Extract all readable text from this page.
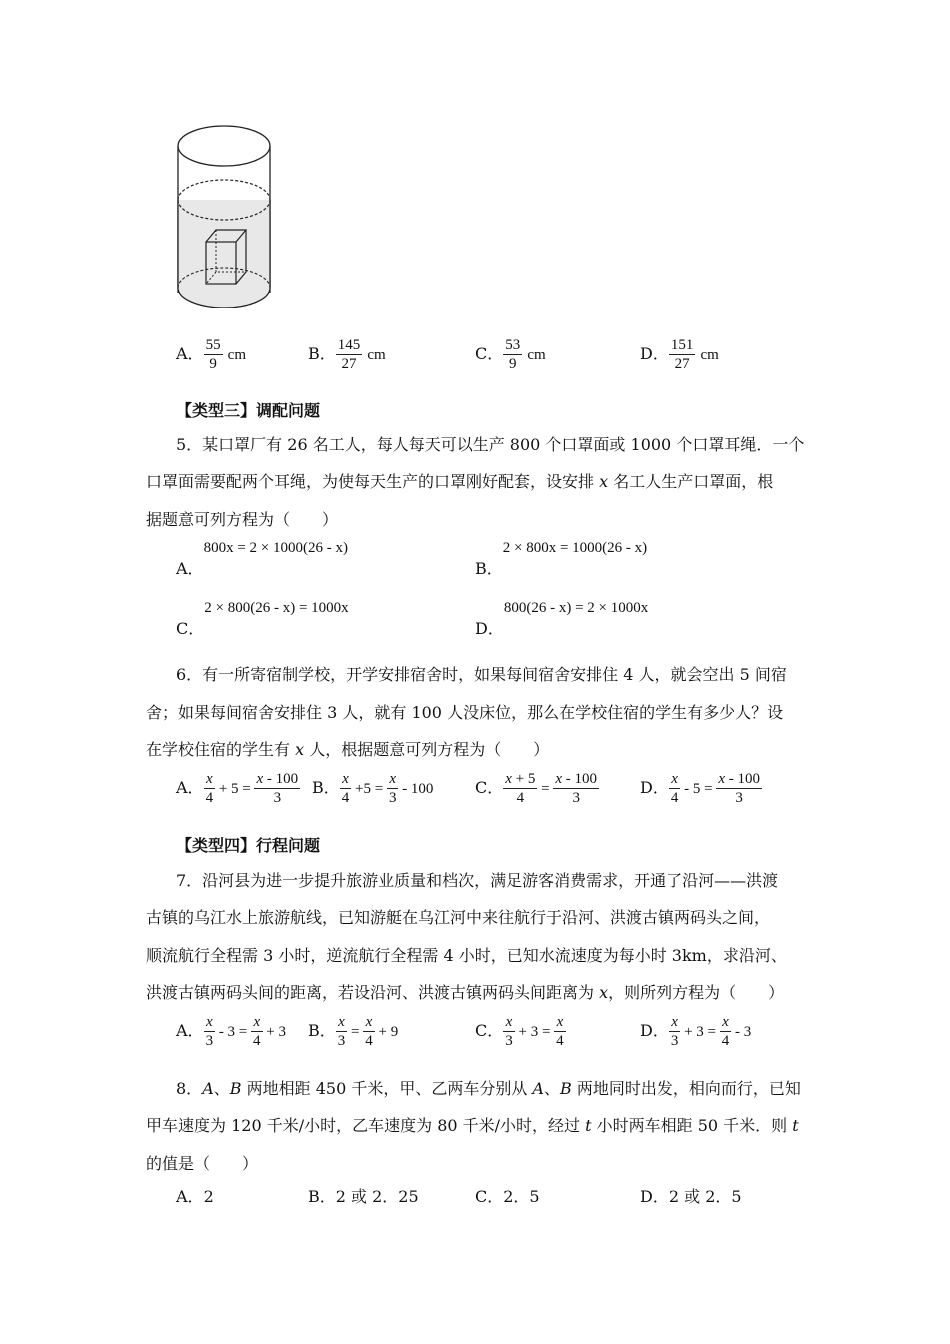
A． $\frac{55}{9}$ cm	B． $\frac{145}{27}$ cm	C． $\frac{53}{9}$ cm	D． $\frac{151}{27}$ cm
【类型三】调配问题
5．某口罩厂有 26 名工人，每人每天可以生产 800 个口罩面或 1000 个口罩耳绳．一个
口罩面需要配两个耳绳，为使每天生产的口罩刚好配套，设安排 x 名工人生产口罩面，根
据题意可列方程为（　　）
A．800x = 2 × 1000(26 - x)
B．2 × 800x = 1000(26 - x)
C．2 × 800(26 - x) = 1000x
D．800(26 - x) = 2 × 1000x
6．有一所寄宿制学校，开学安排宿舍时，如果每间宿舍安排住 4 人，就会空出 5 间宿
舍；如果每间宿舍安排住 3 人，就有 100 人没床位，那么在学校住宿的学生有多少人？设
在学校住宿的学生有 x 人，根据题意可列方程为（　　）
A． $\frac{x}{4} + 5 = \frac{x - 100}{3}$ B． $\frac{x}{4} +5 = \frac{x}{3} - 100$	C． $\frac{x + 5}{4} = \frac{x - 100}{3}$	D． $\frac{x}{4} - 5 = \frac{x - 100}{3}$
【类型四】行程问题
7．沿河县为进一步提升旅游业质量和档次，满足游客消费需求，开通了沿河——洪渡
古镇的乌江水上旅游航线，已知游艇在乌江河中来往航行于沿河、洪渡古镇两码头之间，
顺流航行全程需 3 小时，逆流航行全程需 4 小时，已知水流速度为每小时 3km，求沿河、
洪渡古镇两码头间的距离，若设沿河、洪渡古镇两码头间距离为 x，则所列方程为（　　）
A． $\frac{x}{3} - 3 = \frac{x}{4} + 3$ B． $\frac{x}{3} = \frac{x}{4} + 9$	C． $\frac{x}{3} + 3 = \frac{x}{4}$	D． $\frac{x}{3} + 3 = \frac{x}{4} - 3$
8．A、B 两地相距 450 千米，甲、乙两车分别从 A、B 两地同时出发，相向而行，已知
甲车速度为 120 千米/小时，乙车速度为 80 千米/小时，经过 t 小时两车相距 50 千米．则 t
的值是（　　）
A．2	B．2 或 2．25	C．2．5	D．2 或 2．5
